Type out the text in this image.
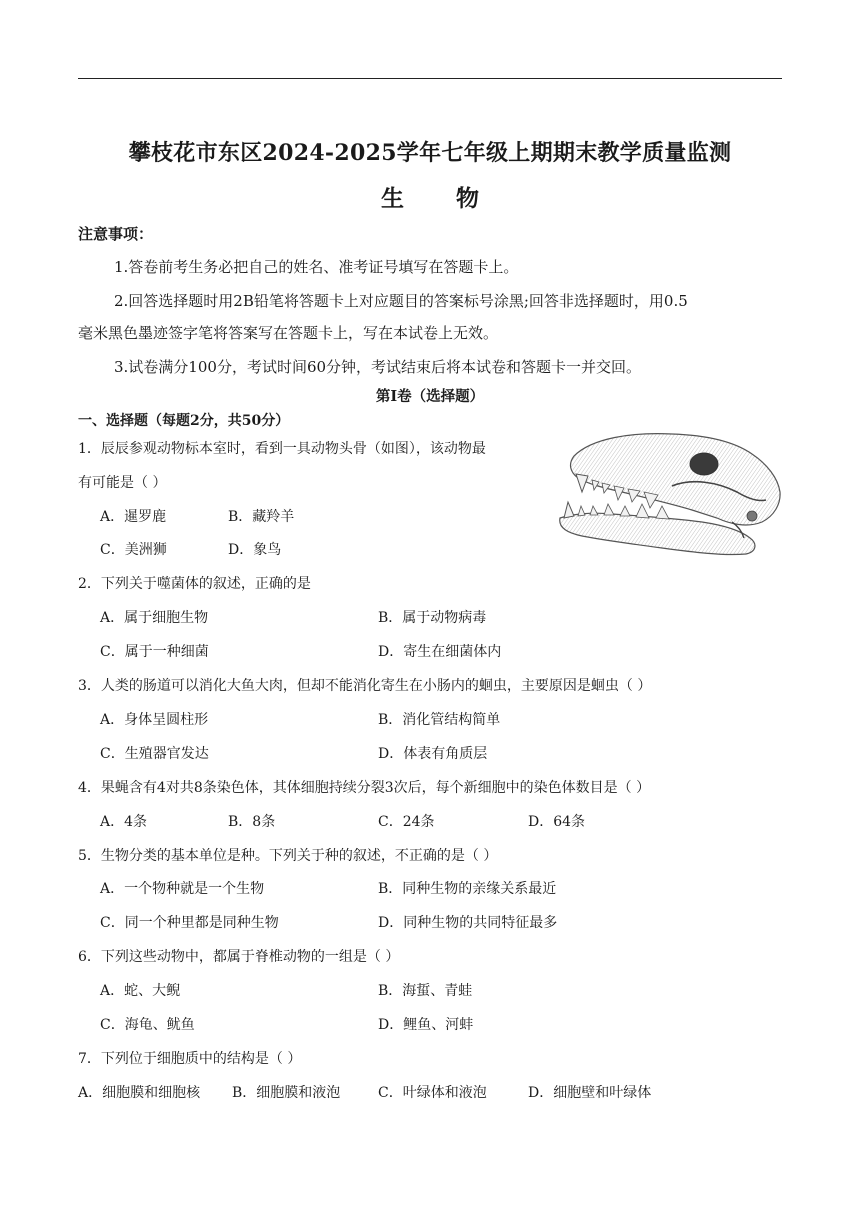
攀枝花市东区2024-2025学年七年级上期期末教学质量监测
生 物
注意事项：
1.答卷前考生务必把自己的姓名、准考证号填写在答题卡上。
2.回答选择题时用2B铅笔将答题卡上对应题目的答案标号涂黑;回答非选择题时，用0.5
毫米黑色墨迹签字笔将答案写在答题卡上，写在本试卷上无效。
3.试卷满分100分，考试时间60分钟，考试结束后将本试卷和答题卡一并交回。
第Ⅰ卷（选择题）
一、选择题（每题2分，共50分）
1．辰辰参观动物标本室时，看到一具动物头骨（如图），该动物最
有可能是（ ）
A．暹罗鹿	B．藏羚羊
C．美洲狮	D．象鸟
2．下列关于噬菌体的叙述，正确的是
A．属于细胞生物	B．属于动物病毒
C．属于一种细菌	D．寄生在细菌体内
3．人类的肠道可以消化大鱼大肉，但却不能消化寄生在小肠内的蛔虫，主要原因是蛔虫（ ）
A．身体呈圆柱形	B．消化管结构简单
C．生殖器官发达	D．体表有角质层
4．果蝇含有4对共8条染色体，其体细胞持续分裂3次后，每个新细胞中的染色体数目是（ ）
A．4条	B．8条	C．24条	D．64条
5．生物分类的基本单位是种。下列关于种的叙述，不正确的是（ ）
A．一个物种就是一个生物	B．同种生物的亲缘关系最近
C．同一个种里都是同种生物	D．同种生物的共同特征最多
6．下列这些动物中，都属于脊椎动物的一组是（ ）
A．蛇、大鲵	B．海蜇、青蛙
C．海龟、鱿鱼	D．鲤鱼、河蚌
7．下列位于细胞质中的结构是（ ）
A．细胞膜和细胞核 B．细胞膜和液泡	C．叶绿体和液泡	D．细胞壁和叶绿体
